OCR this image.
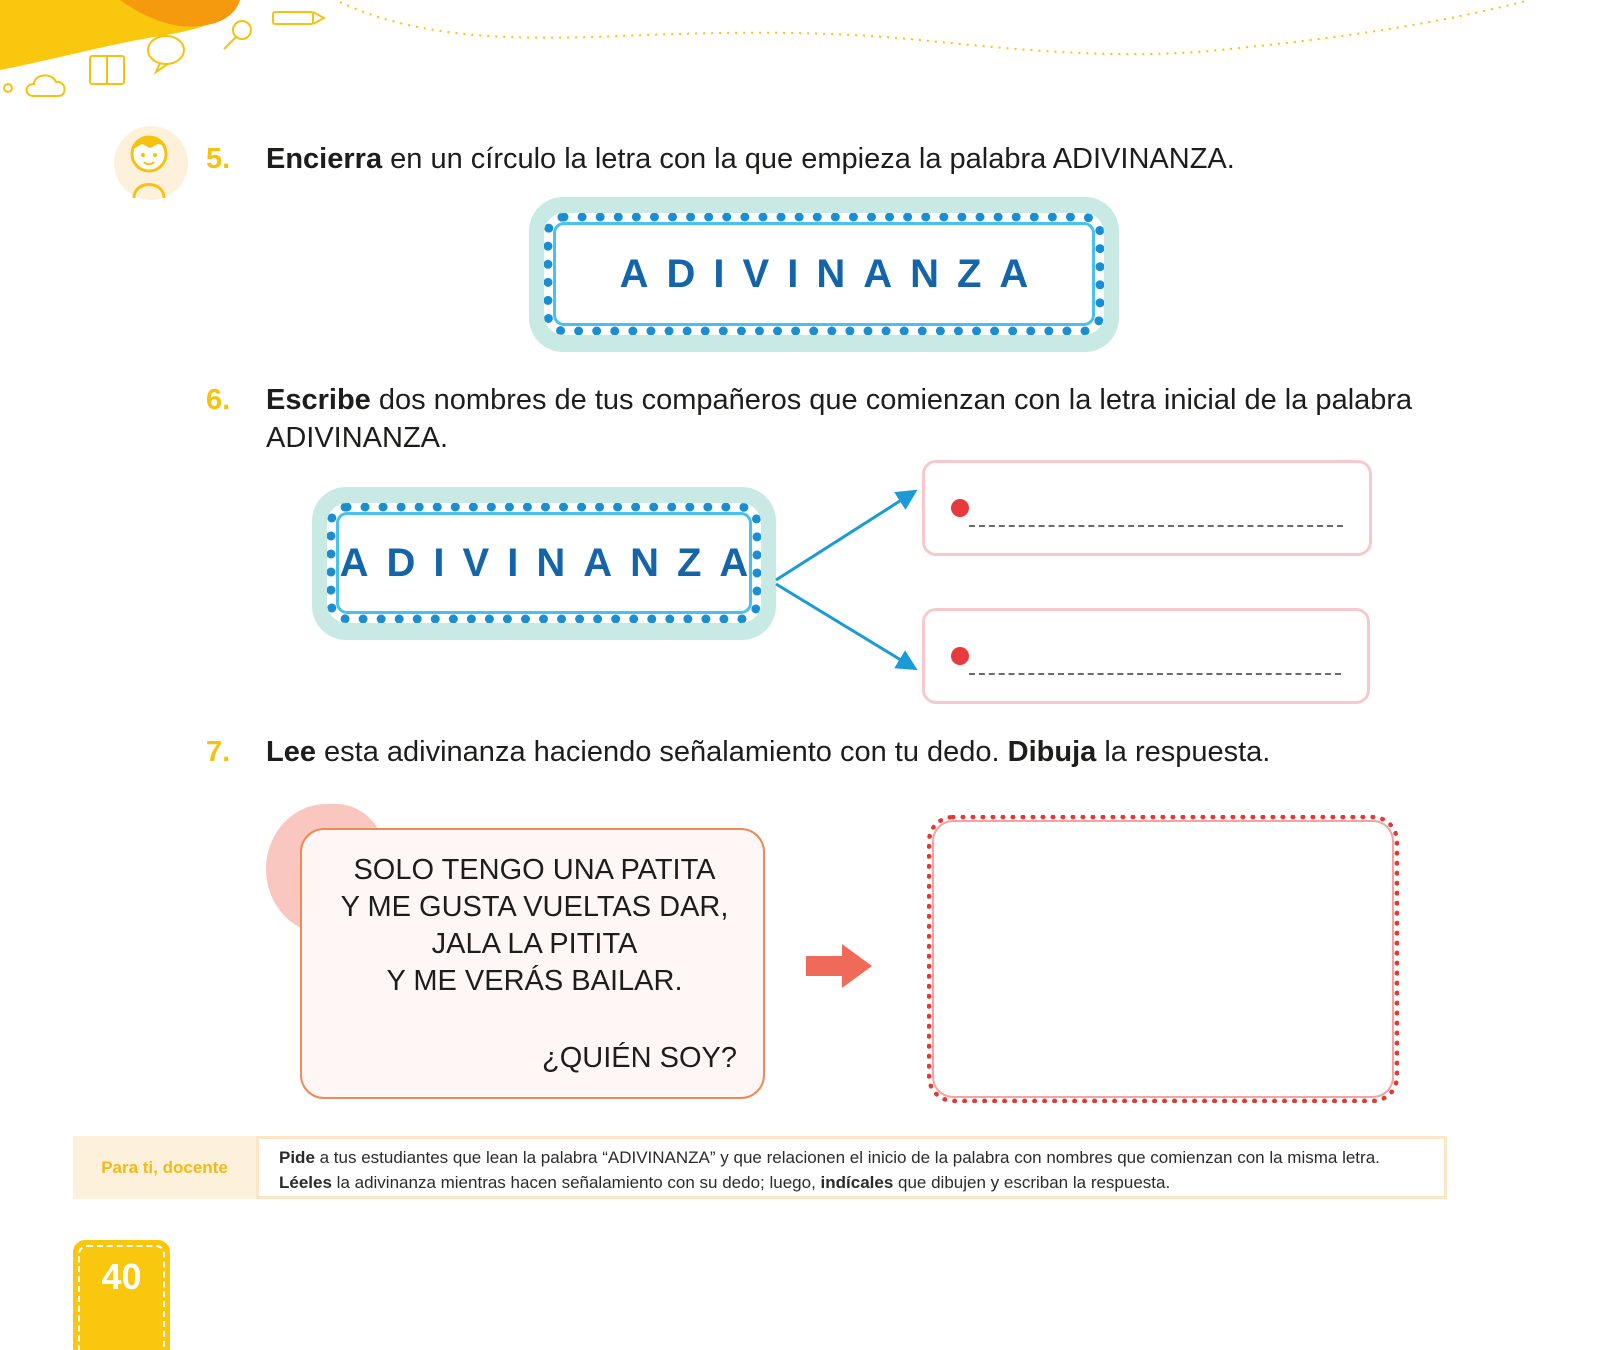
5. Encierra en un círculo la letra con la que empieza la palabra ADIVINANZA.
ADIVINANZA
6. Escribe dos nombres de tus compañeros que comienzan con la letra inicial de la palabra ADIVINANZA.
ADIVINANZA
7. Lee esta adivinanza haciendo señalamiento con tu dedo. Dibuja la respuesta.
SOLO TENGO UNA PATITA
Y ME GUSTA VUELTAS DAR,
JALA LA PITITA
Y ME VERÁS BAILAR.
¿QUIÉN SOY?
Para ti, docente	Pide a tus estudiantes que lean la palabra “ADIVINANZA” y que relacionen el inicio de la palabra con nombres que comienzan con la misma letra. Léeles la adivinanza mientras hacen señalamiento con su dedo; luego, indícales que dibujen y escriban la respuesta.
40
